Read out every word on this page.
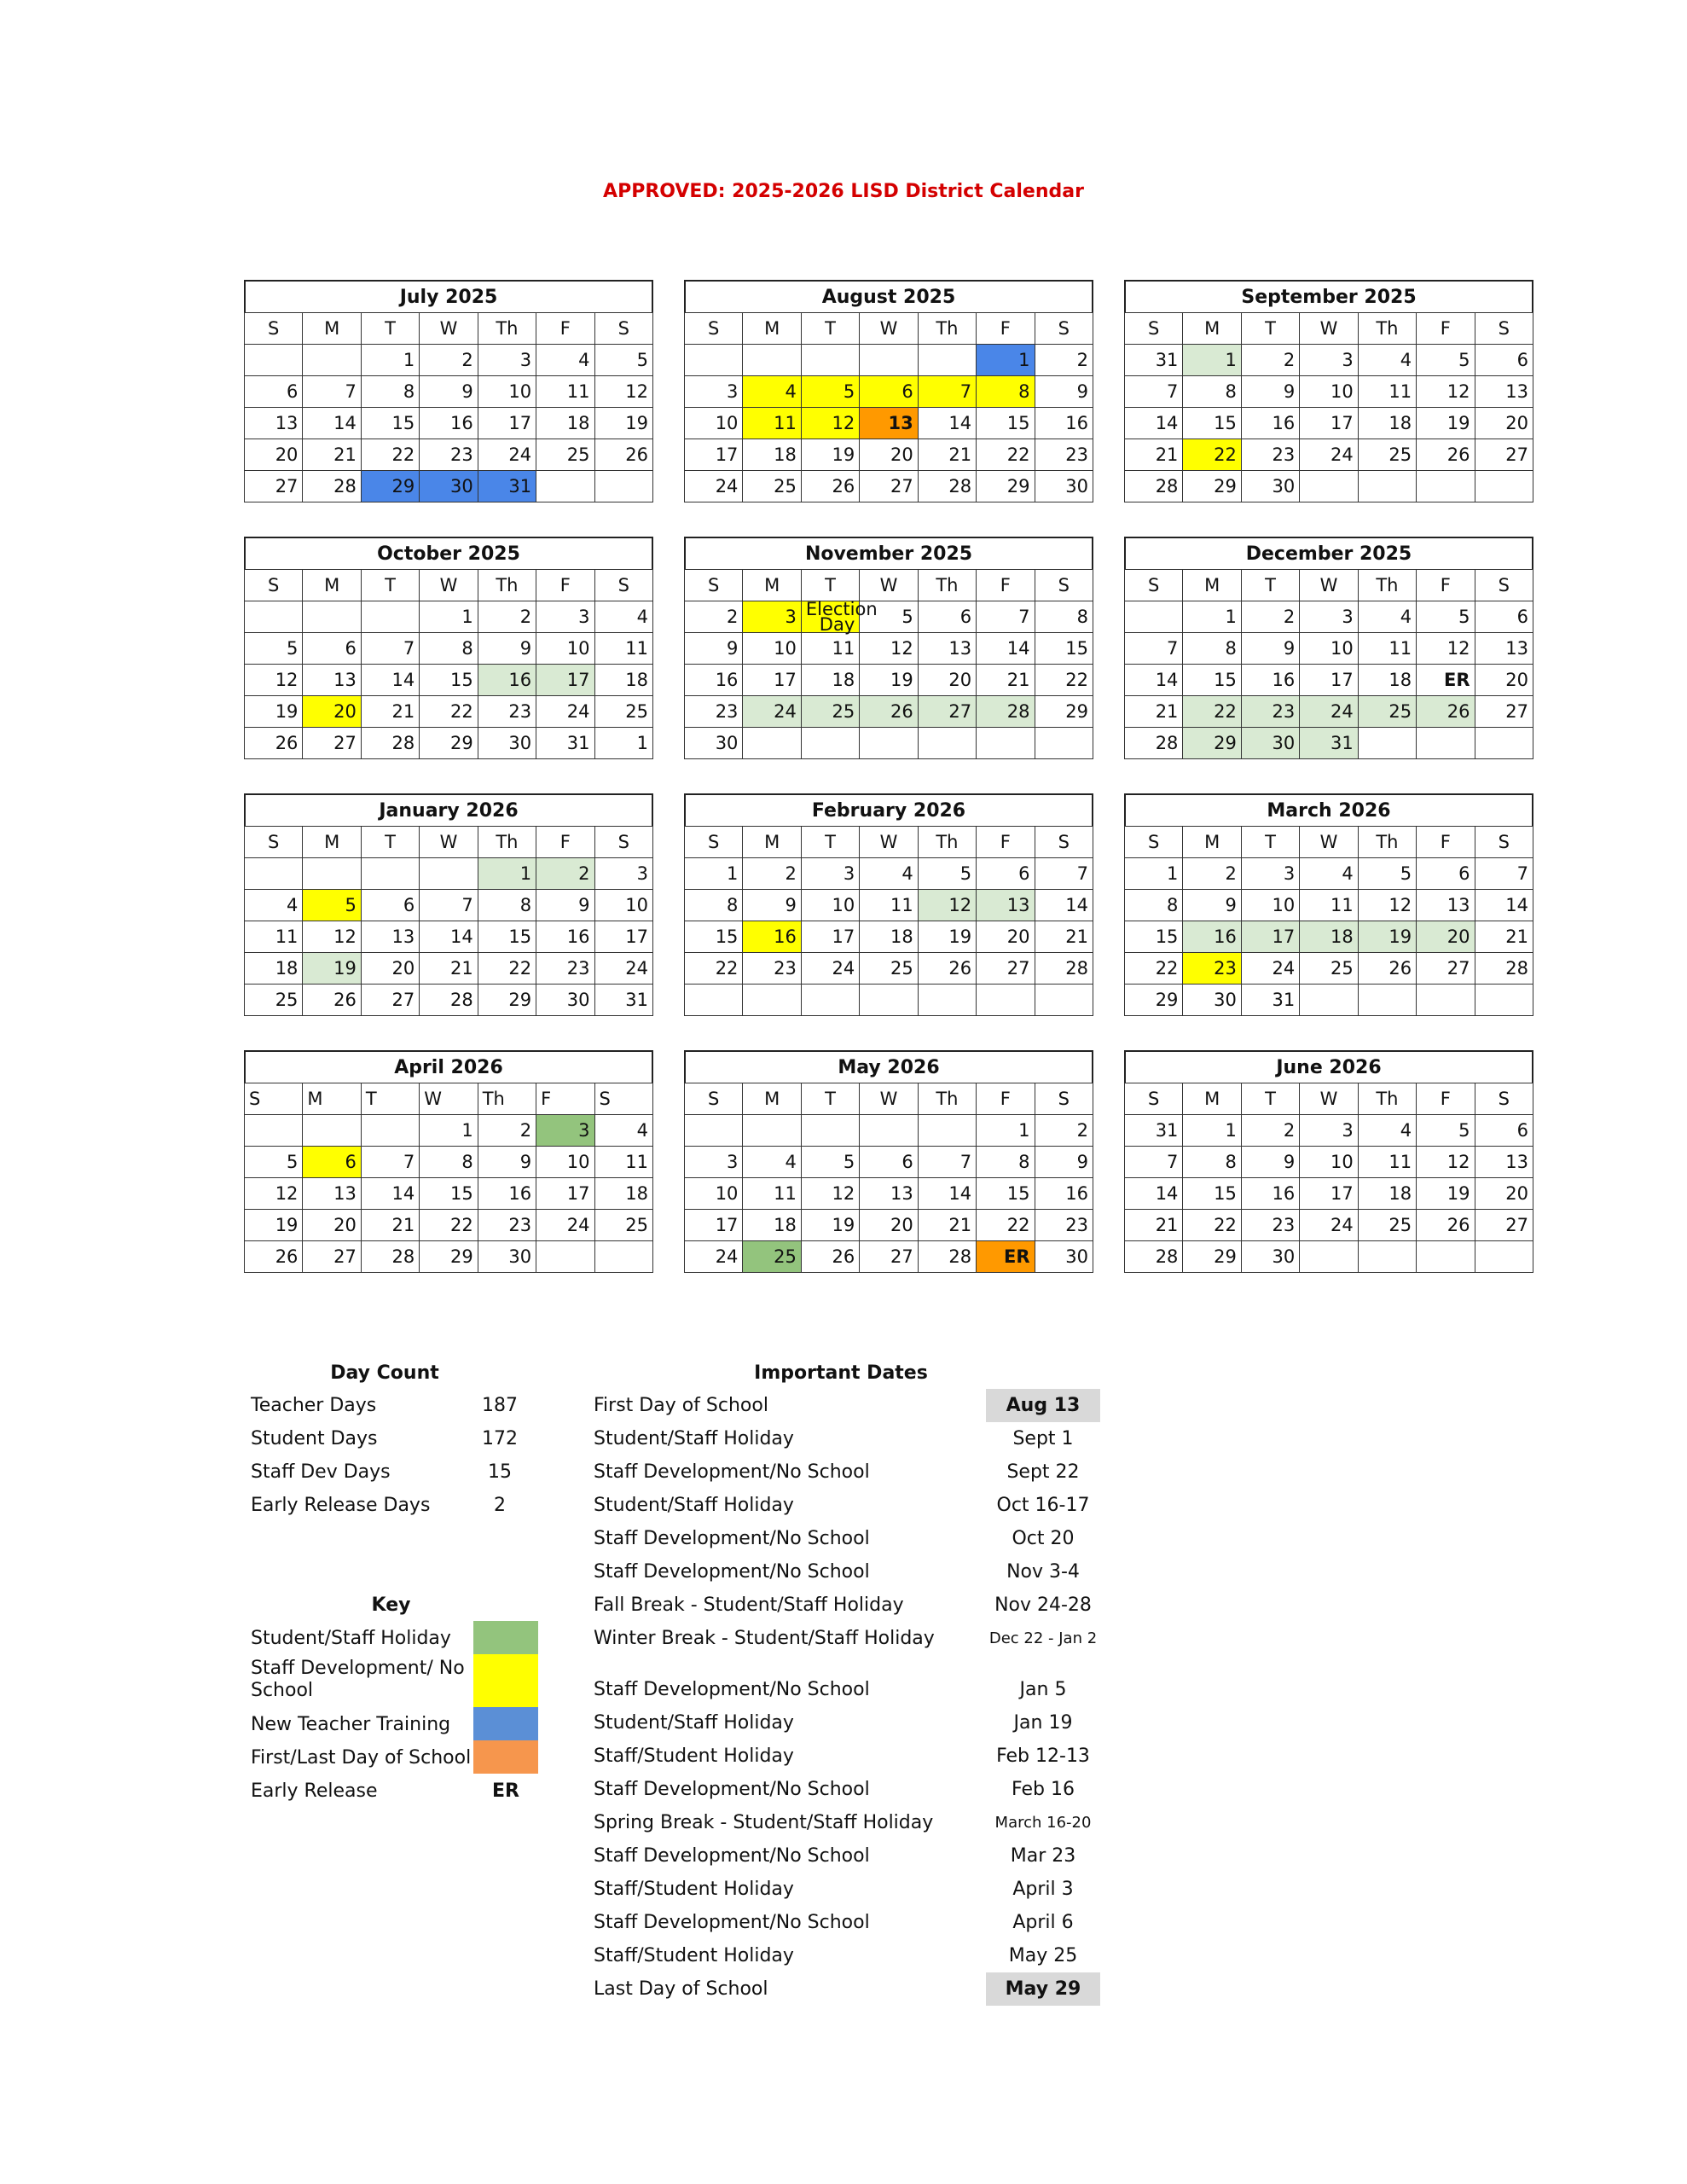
APPROVED: 2025-2026 LISD District Calendar
July 2025
S	M	T	W	Th	F	S
		1	2	3	4	5
6	7	8	9	10	11	12
13	14	15	16	17	18	19
20	21	22	23	24	25	26
27	28	29	30	31		
August 2025
S	M	T	W	Th	F	S
					1	2
3	4	5	6	7	8	9
10	11	12	13	14	15	16
17	18	19	20	21	22	23
24	25	26	27	28	29	30
September 2025
S	M	T	W	Th	F	S
31	1	2	3	4	5	6
7	8	9	10	11	12	13
14	15	16	17	18	19	20
21	22	23	24	25	26	27
28	29	30				
October 2025
S	M	T	W	Th	F	S
			1	2	3	4
5	6	7	8	9	10	11
12	13	14	15	16	17	18
19	20	21	22	23	24	25
26	27	28	29	30	31	1
November 2025
S	M	T	W	Th	F	S
2	3	Election Day	5	6	7	8
9	10	11	12	13	14	15
16	17	18	19	20	21	22
23	24	25	26	27	28	29
30						
December 2025
S	M	T	W	Th	F	S
	1	2	3	4	5	6
7	8	9	10	11	12	13
14	15	16	17	18	ER	20
21	22	23	24	25	26	27
28	29	30	31			
January 2026
S	M	T	W	Th	F	S
				1	2	3
4	5	6	7	8	9	10
11	12	13	14	15	16	17
18	19	20	21	22	23	24
25	26	27	28	29	30	31
February 2026
S	M	T	W	Th	F	S
1	2	3	4	5	6	7
8	9	10	11	12	13	14
15	16	17	18	19	20	21
22	23	24	25	26	27	28

March 2026
S	M	T	W	Th	F	S
1	2	3	4	5	6	7
8	9	10	11	12	13	14
15	16	17	18	19	20	21
22	23	24	25	26	27	28
29	30	31				
April 2026
S	M	T	W	Th	F	S
			1	2	3	4
5	6	7	8	9	10	11
12	13	14	15	16	17	18
19	20	21	22	23	24	25
26	27	28	29	30		
May 2026
S	M	T	W	Th	F	S
					1	2
3	4	5	6	7	8	9
10	11	12	13	14	15	16
17	18	19	20	21	22	23
24	25	26	27	28	ER	30
June 2026
S	M	T	W	Th	F	S
31	1	2	3	4	5	6
7	8	9	10	11	12	13
14	15	16	17	18	19	20
21	22	23	24	25	26	27
28	29	30				
Day Count
Teacher Days	187
Student Days	172
Staff Dev Days	15
Early Release Days	2
Key
Student/Staff Holiday
Staff Development/ No School
New Teacher Training
First/Last Day of School
Early Release	ER
Important Dates
First Day of School	Aug 13
Student/Staff Holiday	Sept 1
Staff Development/No School	Sept 22
Student/Staff Holiday	Oct 16-17
Staff Development/No School	Oct 20
Staff Development/No School	Nov 3-4
Fall Break - Student/Staff Holiday	Nov 24-28
Winter Break - Student/Staff Holiday	Dec 22 - Jan 2
Staff Development/No School	Jan 5
Student/Staff Holiday	Jan 19
Staff/Student Holiday	Feb 12-13
Staff Development/No School	Feb 16
Spring Break - Student/Staff Holiday	March 16-20
Staff Development/No School	Mar 23
Staff/Student Holiday	April 3
Staff Development/No School	April 6
Staff/Student Holiday	May 25
Last Day of School	May 29
